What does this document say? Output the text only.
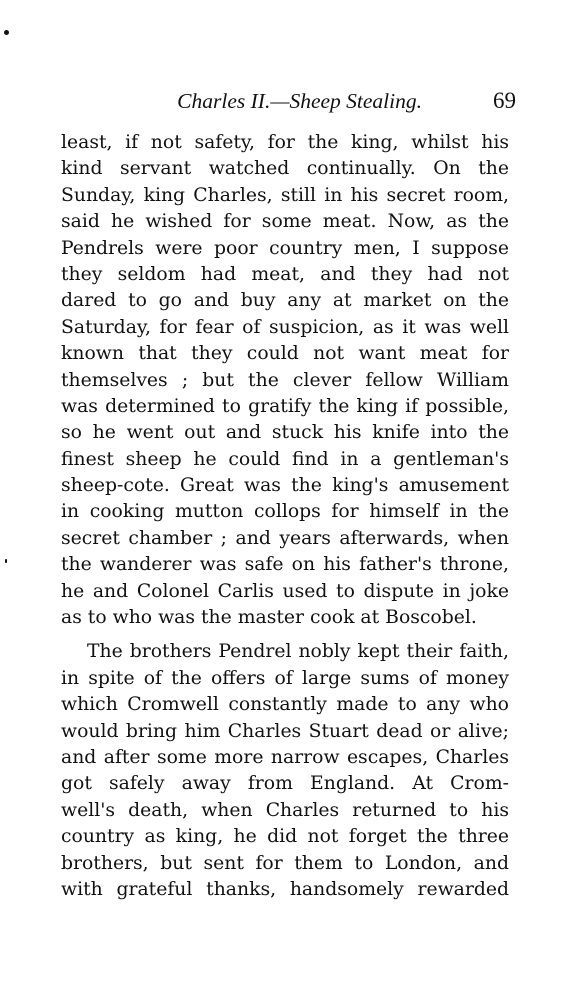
Charles II.—Sheep Stealing.	69
least, if not safety, for the king, whilst his
kind servant watched continually. On the
Sunday, king Charles, still in his secret room,
said he wished for some meat. Now, as the
Pendrels were poor country men, I suppose
they seldom had meat, and they had not
dared to go and buy any at market on the
Saturday, for fear of suspicion, as it was well
known that they could not want meat for
themselves ; but the clever fellow William
was determined to gratify the king if possible,
so he went out and stuck his knife into the
finest sheep he could find in a gentleman's
sheep-cote. Great was the king's amusement
in cooking mutton collops for himself in the
secret chamber ; and years afterwards, when
the wanderer was safe on his father's throne,
he and Colonel Carlis used to dispute in joke
as to who was the master cook at Boscobel.
The brothers Pendrel nobly kept their faith,
in spite of the offers of large sums of money
which Cromwell constantly made to any who
would bring him Charles Stuart dead or alive;
and after some more narrow escapes, Charles
got safely away from England. At Crom-
well's death, when Charles returned to his
country as king, he did not forget the three
brothers, but sent for them to London, and
with grateful thanks, handsomely rewarded
